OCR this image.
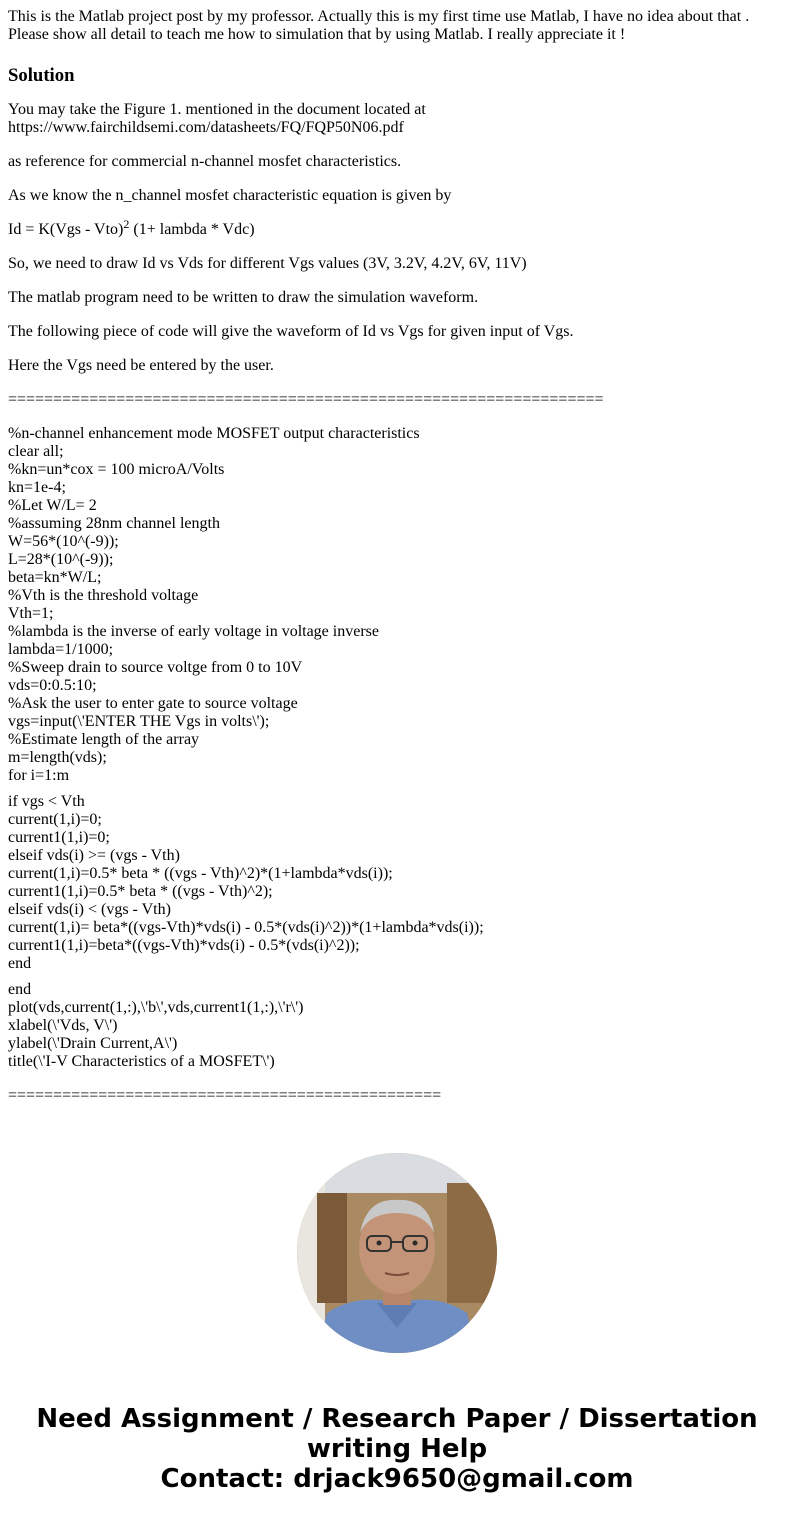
This is the Matlab project post by my professor. Actually this is my first time use Matlab, I have no idea about that . Please show all detail to teach me how to simulation that by using Matlab. I really appreciate it !
Solution

You may take the Figure 1. mentioned in the document located at
https://www.fairchildsemi.com/datasheets/FQ/FQP50N06.pdf

as reference for commercial n-channel mosfet characteristics.

As we know the n_channel mosfet characteristic equation is given by

Id = K(Vgs - Vto)$^2$ (1+ lambda * Vdc)

So, we need to draw Id vs Vds for different Vgs values (3V, 3.2V, 4.2V, 6V, 11V)

The matlab program need to be written to draw the simulation waveform.

The following piece of code will give the waveform of Id vs Vgs for given input of Vgs.

Here the Vgs need be entered by the user.

==================================================================

%n-channel enhancement mode MOSFET output characteristics
clear all;
%kn=un*cox = 100 microA/Volts
kn=1e-4;
%Let W/L= 2
%assuming 28nm channel length
W=56*(10^(-9));
L=28*(10^(-9));
beta=kn*W/L;
%Vth is the threshold voltage
Vth=1;
%lambda is the inverse of early voltage in voltage inverse
lambda=1/1000;
%Sweep drain to source voltge from 0 to 10V
vds=0:0.5:10;
%Ask the user to enter gate to source voltage
vgs=input(\'ENTER THE Vgs in volts\');
%Estimate length of the array
m=length(vds);
for i=1:m
if vgs < Vth
current(1,i)=0;
current1(1,i)=0;
elseif vds(i) >= (vgs - Vth)
current(1,i)=0.5* beta * ((vgs - Vth)^2)*(1+lambda*vds(i));
current1(1,i)=0.5* beta * ((vgs - Vth)^2);
elseif vds(i) < (vgs - Vth)
current(1,i)= beta*((vgs-Vth)*vds(i) - 0.5*(vds(i)^2))*(1+lambda*vds(i));
current1(1,i)=beta*((vgs-Vth)*vds(i) - 0.5*(vds(i)^2));
end
end
plot(vds,current(1,:),\'b\',vds,current1(1,:),\'r\')
xlabel(\'Vds, V\')
ylabel(\'Drain Current,A\')
title(\'I-V Characteristics of a MOSFET\')

================================================

Need Assignment / Research Paper / Dissertation
writing Help
Contact: drjack9650@gmail.com
